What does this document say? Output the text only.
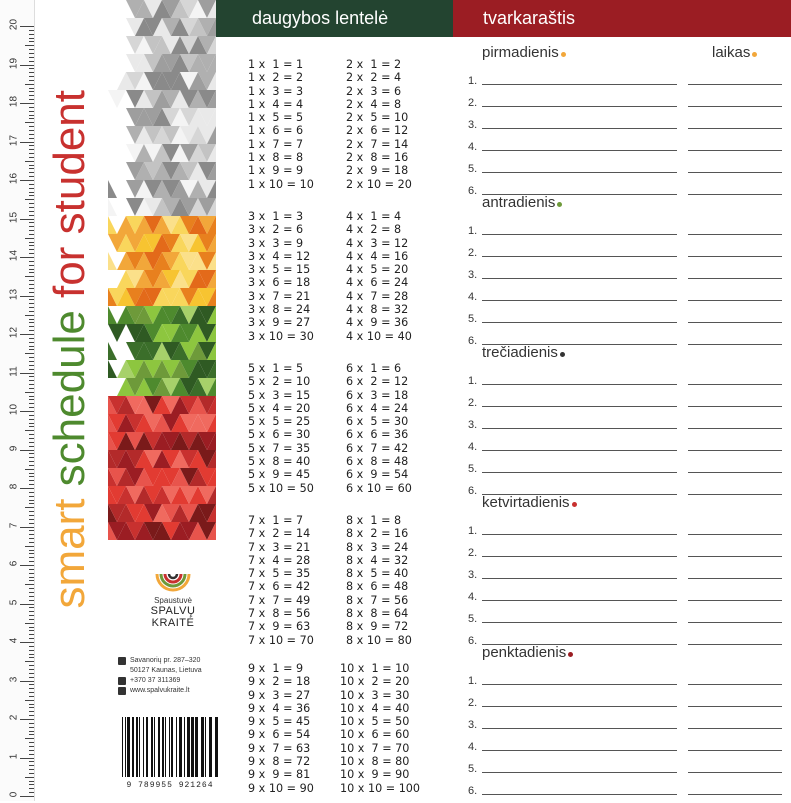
20
19
18
17
16
15
14
13
12
11
10
9
8
7
6
5
4
3
2
1
0
smart schedule for student
Spaustuvė
SPALVŲ KRAITĖ
Savanorių pr. 287–320
50127 Kaunas, Lietuva
+370 37 311369
www.spalvukraite.lt
9 789955 921264
daugybos lentelė	tvarkaraštis
1 x  1 = 1
1 x  2 = 2
1 x  3 = 3
1 x  4 = 4
1 x  5 = 5
1 x  6 = 6
1 x  7 = 7
1 x  8 = 8
1 x  9 = 9
1 x 10 = 10
2 x  1 = 2
2 x  2 = 4
2 x  3 = 6
2 x  4 = 8
2 x  5 = 10
2 x  6 = 12
2 x  7 = 14
2 x  8 = 16
2 x  9 = 18
2 x 10 = 20
3 x  1 = 3
3 x  2 = 6
3 x  3 = 9
3 x  4 = 12
3 x  5 = 15
3 x  6 = 18
3 x  7 = 21
3 x  8 = 24
3 x  9 = 27
3 x 10 = 30
4 x  1 = 4
4 x  2 = 8
4 x  3 = 12
4 x  4 = 16
4 x  5 = 20
4 x  6 = 24
4 x  7 = 28
4 x  8 = 32
4 x  9 = 36
4 x 10 = 40
5 x  1 = 5
5 x  2 = 10
5 x  3 = 15
5 x  4 = 20
5 x  5 = 25
5 x  6 = 30
5 x  7 = 35
5 x  8 = 40
5 x  9 = 45
5 x 10 = 50
6 x  1 = 6
6 x  2 = 12
6 x  3 = 18
6 x  4 = 24
6 x  5 = 30
6 x  6 = 36
6 x  7 = 42
6 x  8 = 48
6 x  9 = 54
6 x 10 = 60
7 x  1 = 7
7 x  2 = 14
7 x  3 = 21
7 x  4 = 28
7 x  5 = 35
7 x  6 = 42
7 x  7 = 49
7 x  8 = 56
7 x  9 = 63
7 x 10 = 70
8 x  1 = 8
8 x  2 = 16
8 x  3 = 24
8 x  4 = 32
8 x  5 = 40
8 x  6 = 48
8 x  7 = 56
8 x  8 = 64
8 x  9 = 72
8 x 10 = 80
9 x  1 = 9
9 x  2 = 18
9 x  3 = 27
9 x  4 = 36
9 x  5 = 45
9 x  6 = 54
9 x  7 = 63
9 x  8 = 72
9 x  9 = 81
9 x 10 = 90
10 x  1 = 10
10 x  2 = 20
10 x  3 = 30
10 x  4 = 40
10 x  5 = 50
10 x  6 = 60
10 x  7 = 70
10 x  8 = 80
10 x  9 = 90
10 x 10 = 100
pirmadienis	laikas
1.
2.
3.
4.
5.
6.
antradienis
1.
2.
3.
4.
5.
6.
trečiadienis
1.
2.
3.
4.
5.
6.
ketvirtadienis
1.
2.
3.
4.
5.
6.
penktadienis
1.
2.
3.
4.
5.
6.
